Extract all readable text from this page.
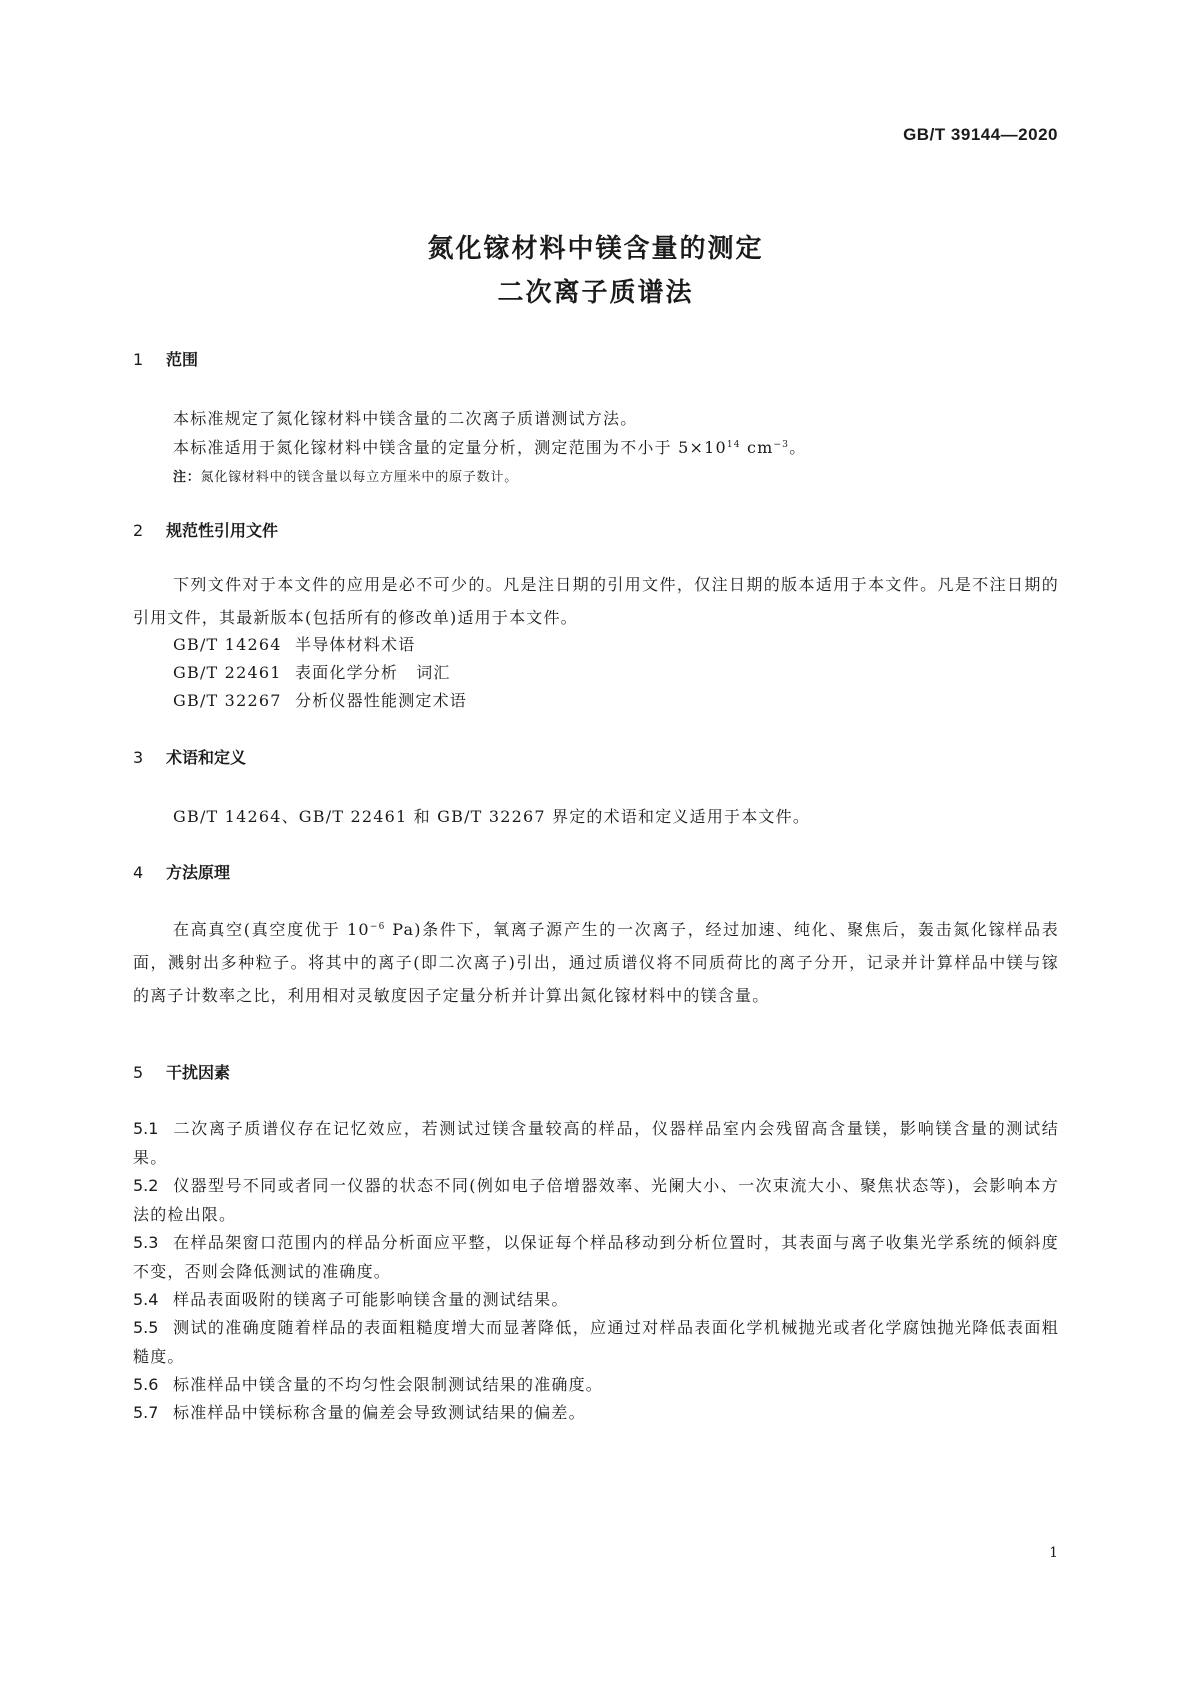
GB/T 39144—2020
氮化镓材料中镁含量的测定
二次离子质谱法
1 范围
本标准规定了氮化镓材料中镁含量的二次离子质谱测试方法。
本标准适用于氮化镓材料中镁含量的定量分析，测定范围为不小于 $5\times 10^{14}$ $cm^{-3}$。
注：氮化镓材料中的镁含量以每立方厘米中的原子数计。
2 规范性引用文件
下列文件对于本文件的应用是必不可少的。凡是注日期的引用文件，仅注日期的版本适用于本文件。凡是不注日期的引用文件，其最新版本(包括所有的修改单)适用于本文件。
GB/T 14264 半导体材料术语
GB/T 22461 表面化学分析 词汇
GB/T 32267 分析仪器性能测定术语
3 术语和定义
GB/T 14264、GB/T 22461 和 GB/T 32267 界定的术语和定义适用于本文件。
4 方法原理
在高真空(真空度优于 $10^{-6}$ Pa)条件下，氧离子源产生的一次离子，经过加速、纯化、聚焦后，轰击氮化镓样品表面，溅射出多种粒子。将其中的离子(即二次离子)引出，通过质谱仪将不同质荷比的离子分开，记录并计算样品中镁与镓的离子计数率之比，利用相对灵敏度因子定量分析并计算出氮化镓材料中的镁含量。
5 干扰因素
5.1 二次离子质谱仪存在记忆效应，若测试过镁含量较高的样品，仪器样品室内会残留高含量镁，影响镁含量的测试结果。
5.2 仪器型号不同或者同一仪器的状态不同(例如电子倍增器效率、光阑大小、一次束流大小、聚焦状态等)，会影响本方法的检出限。
5.3 在样品架窗口范围内的样品分析面应平整，以保证每个样品移动到分析位置时，其表面与离子收集光学系统的倾斜度不变，否则会降低测试的准确度。
5.4 样品表面吸附的镁离子可能影响镁含量的测试结果。
5.5 测试的准确度随着样品的表面粗糙度增大而显著降低，应通过对样品表面化学机械抛光或者化学腐蚀抛光降低表面粗糙度。
5.6 标准样品中镁含量的不均匀性会限制测试结果的准确度。
5.7 标准样品中镁标称含量的偏差会导致测试结果的偏差。
1
